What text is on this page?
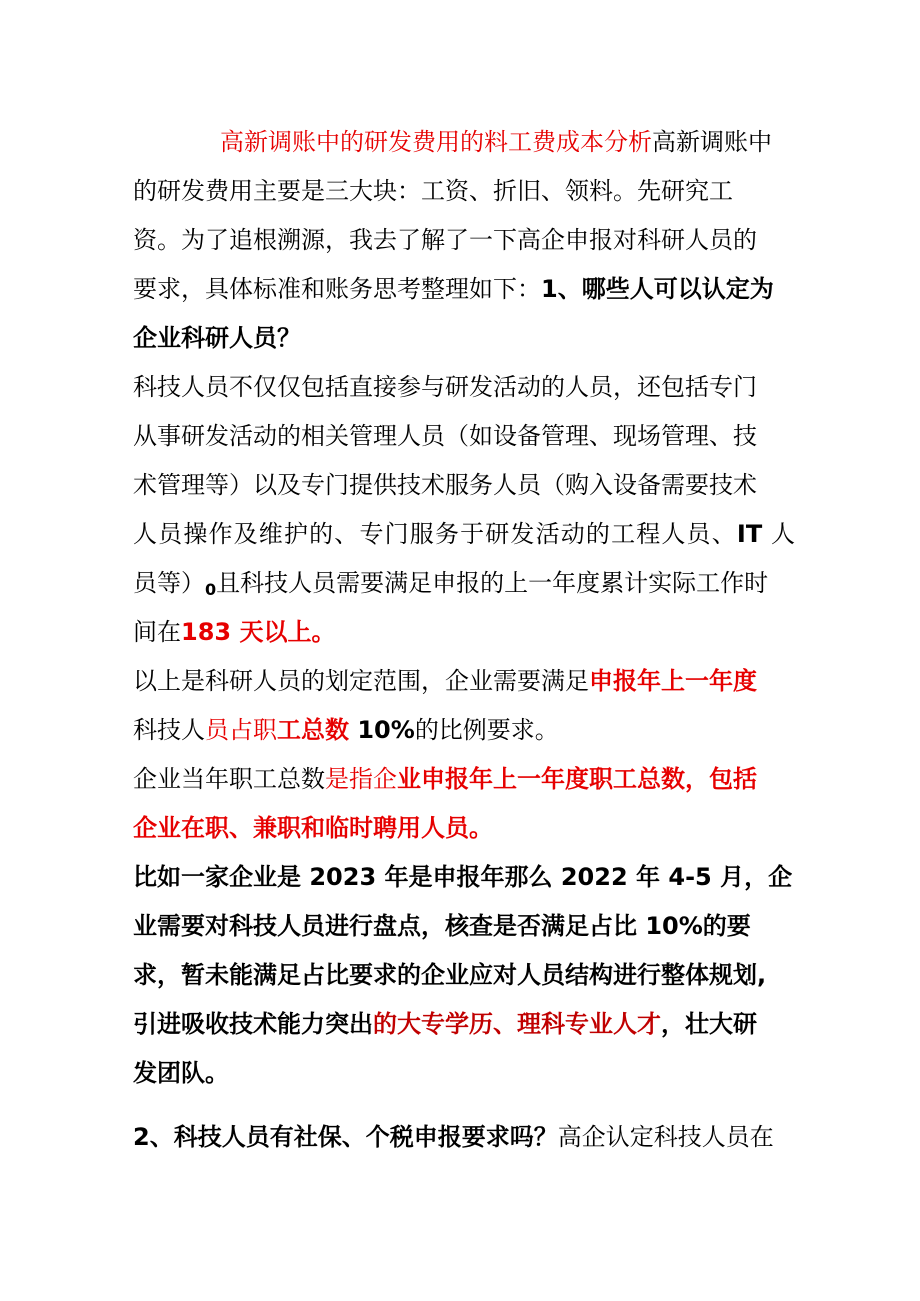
高新调账中的研发费用的料工费成本分析高新调账中
的研发费用主要是三大块：工资、折旧、领料。先研究工
资。为了追根溯源，我去了解了一下高企申报对科研人员的
要求，具体标准和账务思考整理如下：1、哪些人可以认定为
企业科研人员？
科技人员不仅仅包括直接参与研发活动的人员，还包括专门
从事研发活动的相关管理人员（如设备管理、现场管理、技
术管理等）以及专门提供技术服务人员（购入设备需要技术
人员操作及维护的、专门服务于研发活动的工程人员、IT 人
员等）0且科技人员需要满足申报的上一年度累计实际工作时
间在183 天以上。
以上是科研人员的划定范围，企业需要满足申报年上一年度
科技人员占职工总数 10%的比例要求。
企业当年职工总数是指企业申报年上一年度职工总数，包括
企业在职、兼职和临时聘用人员。
比如一家企业是 2023 年是申报年那么 2022 年 4-5 月，企
业需要对科技人员进行盘点，核查是否满足占比 10%的要
求，暂未能满足占比要求的企业应对人员结构进行整体规划,
引进吸收技术能力突出的大专学历、理科专业人才，壮大研
发团队。
2、科技人员有社保、个税申报要求吗？高企认定科技人员在
